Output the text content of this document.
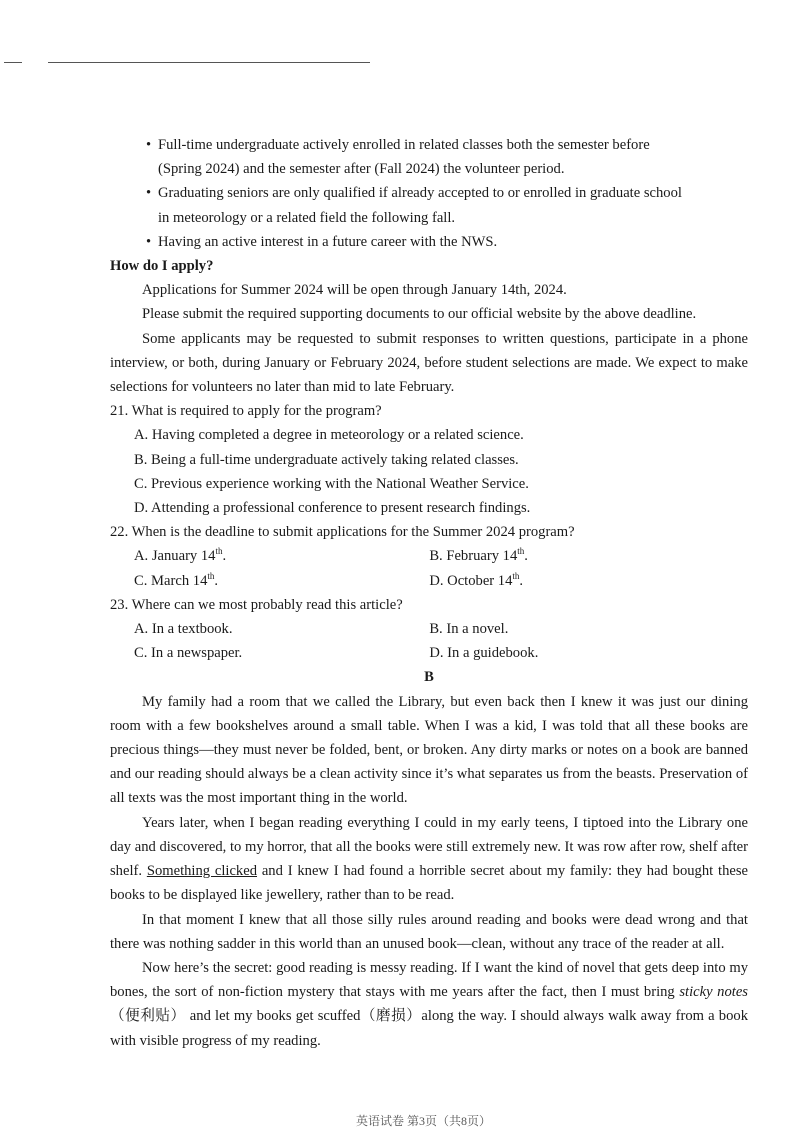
• Full-time undergraduate actively enrolled in related classes both the semester before
(Spring 2024) and the semester after (Fall 2024) the volunteer period.
• Graduating seniors are only qualified if already accepted to or enrolled in graduate school
in meteorology or a related field the following fall.
• Having an active interest in a future career with the NWS.
How do I apply?
Applications for Summer 2024 will be open through January 14th, 2024.
Please submit the required supporting documents to our official website by the above deadline.
Some applicants may be requested to submit responses to written questions, participate in a phone interview, or both, during January or February 2024, before student selections are made. We expect to make selections for volunteers no later than mid to late February.
21. What is required to apply for the program?
A. Having completed a degree in meteorology or a related science.
B. Being a full-time undergraduate actively taking related classes.
C. Previous experience working with the National Weather Service.
D. Attending a professional conference to present research findings.
22. When is the deadline to submit applications for the Summer 2024 program?
A. January 14th.	B. February 14th.
C. March 14th.	D. October 14th.
23. Where can we most probably read this article?
A. In a textbook.	B. In a novel.
C. In a newspaper.	D. In a guidebook.
B
My family had a room that we called the Library, but even back then I knew it was just our dining room with a few bookshelves around a small table. When I was a kid, I was told that all these books are precious things—they must never be folded, bent, or broken. Any dirty marks or notes on a book are banned and our reading should always be a clean activity since it’s what separates us from the beasts. Preservation of all texts was the most important thing in the world.
Years later, when I began reading everything I could in my early teens, I tiptoed into the Library one day and discovered, to my horror, that all the books were still extremely new. It was row after row, shelf after shelf. Something clicked and I knew I had found a horrible secret about my family: they had bought these books to be displayed like jewellery, rather than to be read.
In that moment I knew that all those silly rules around reading and books were dead wrong and that there was nothing sadder in this world than an unused book—clean, without any trace of the reader at all.
Now here’s the secret: good reading is messy reading. If I want the kind of novel that gets deep into my bones, the sort of non-fiction mystery that stays with me years after the fact, then I must bring sticky notes（便利贴） and let my books get scuffed（磨损）along the way. I should always walk away from a book with visible progress of my reading.
英语试卷 第3页（共8页）
